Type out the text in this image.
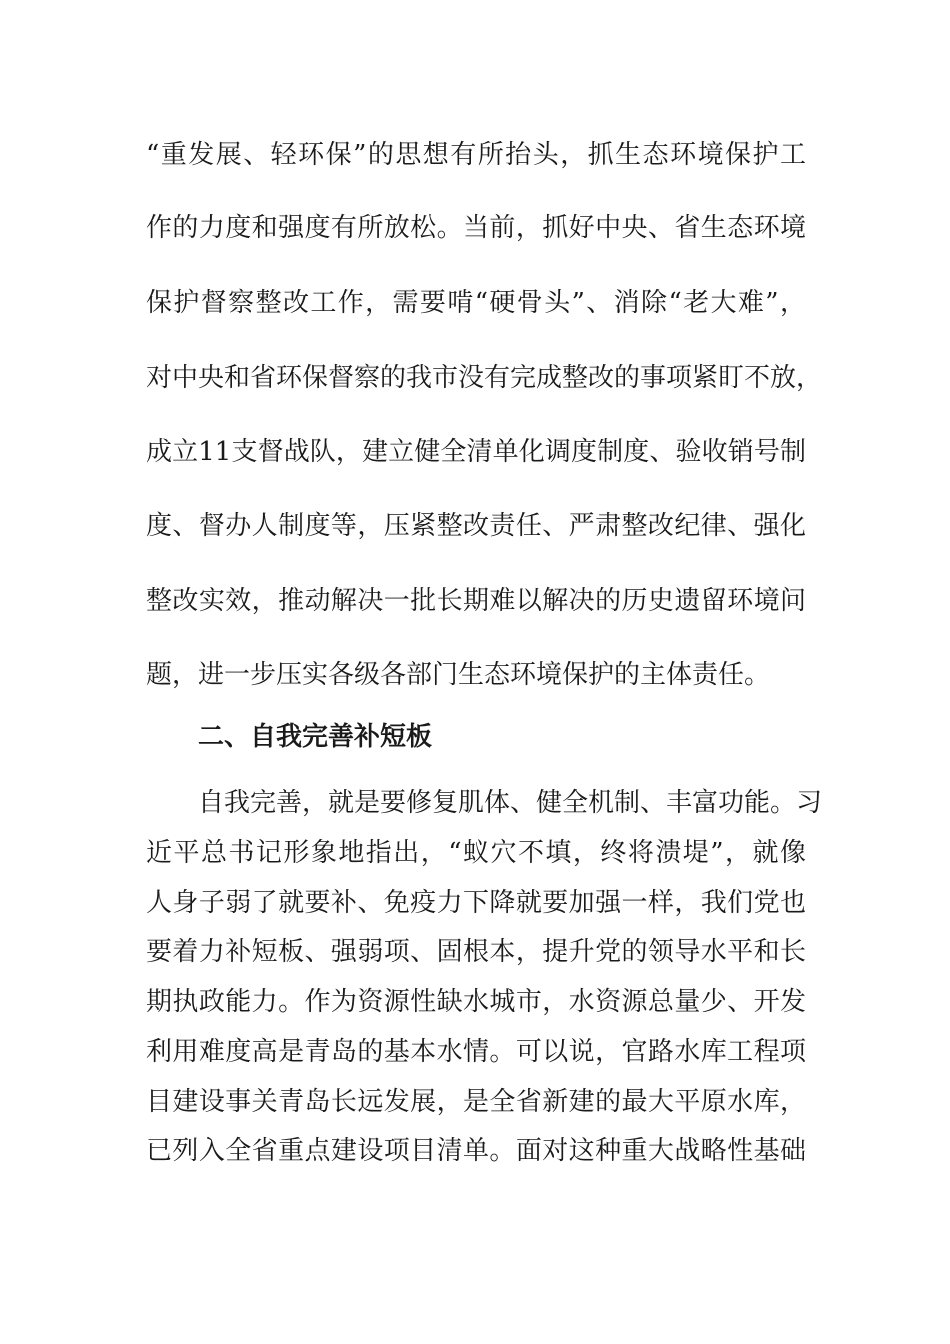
“重发展、轻环保”的思想有所抬头，抓生态环境保护工

作的力度和强度有所放松。当前，抓好中央、省生态环境

保护督察整改工作，需要啃“硬骨头”、消除“老大难”，

对中央和省环保督察的我市没有完成整改的事项紧盯不放，

成立11支督战队，建立健全清单化调度制度、验收销号制

度、督办人制度等，压紧整改责任、严肃整改纪律、强化

整改实效，推动解决一批长期难以解决的历史遗留环境问

题，进一步压实各级各部门生态环境保护的主体责任。

二、自我完善补短板

自我完善，就是要修复肌体、健全机制、丰富功能。习

近平总书记形象地指出，“蚁穴不填，终将溃堤”，就像

人身子弱了就要补、免疫力下降就要加强一样，我们党也

要着力补短板、强弱项、固根本，提升党的领导水平和长

期执政能力。作为资源性缺水城市，水资源总量少、开发

利用难度高是青岛的基本水情。可以说，官路水库工程项

目建设事关青岛长远发展，是全省新建的最大平原水库，

已列入全省重点建设项目清单。面对这种重大战略性基础
